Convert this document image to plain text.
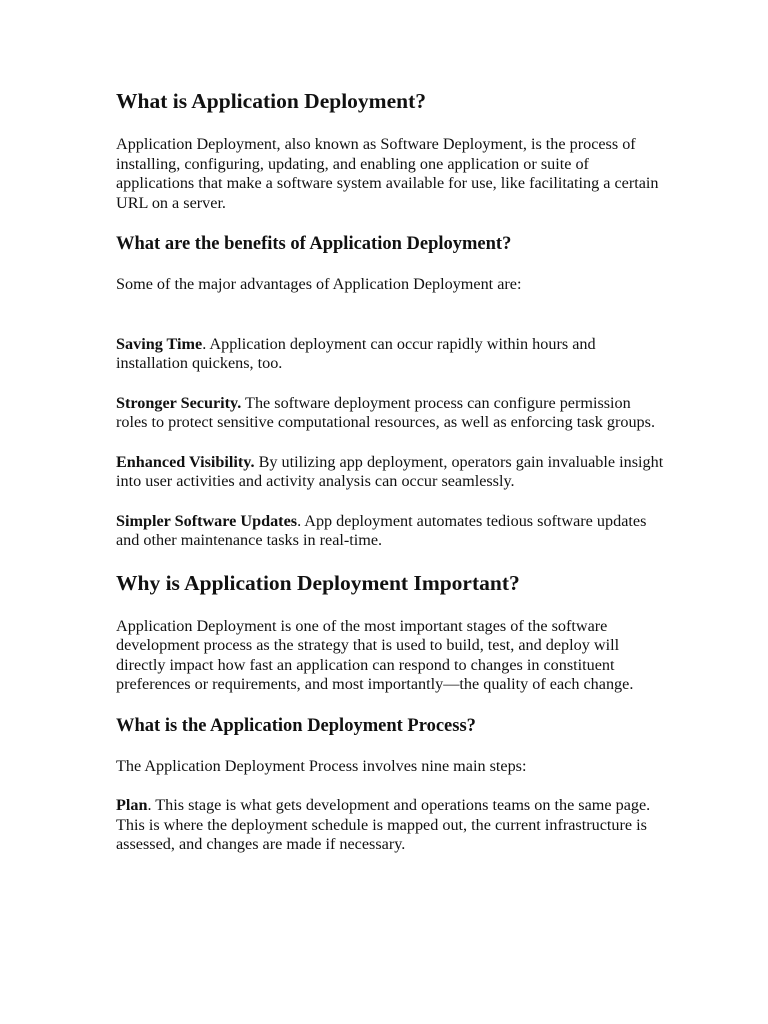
What is Application Deployment?

Application Deployment, also known as Software Deployment, is the process of installing, configuring, updating, and enabling one application or suite of applications that make a software system available for use, like facilitating a certain URL on a server.

What are the benefits of Application Deployment?

Some of the major advantages of Application Deployment are:

Saving Time. Application deployment can occur rapidly within hours and installation quickens, too.

Stronger Security. The software deployment process can configure permission roles to protect sensitive computational resources, as well as enforcing task groups.

Enhanced Visibility. By utilizing app deployment, operators gain invaluable insight into user activities and activity analysis can occur seamlessly.

Simpler Software Updates. App deployment automates tedious software updates and other maintenance tasks in real-time.

Why is Application Deployment Important?

Application Deployment is one of the most important stages of the software development process as the strategy that is used to build, test, and deploy will directly impact how fast an application can respond to changes in constituent preferences or requirements, and most importantly—the quality of each change.

What is the Application Deployment Process?

The Application Deployment Process involves nine main steps:

Plan. This stage is what gets development and operations teams on the same page. This is where the deployment schedule is mapped out, the current infrastructure is assessed, and changes are made if necessary.
